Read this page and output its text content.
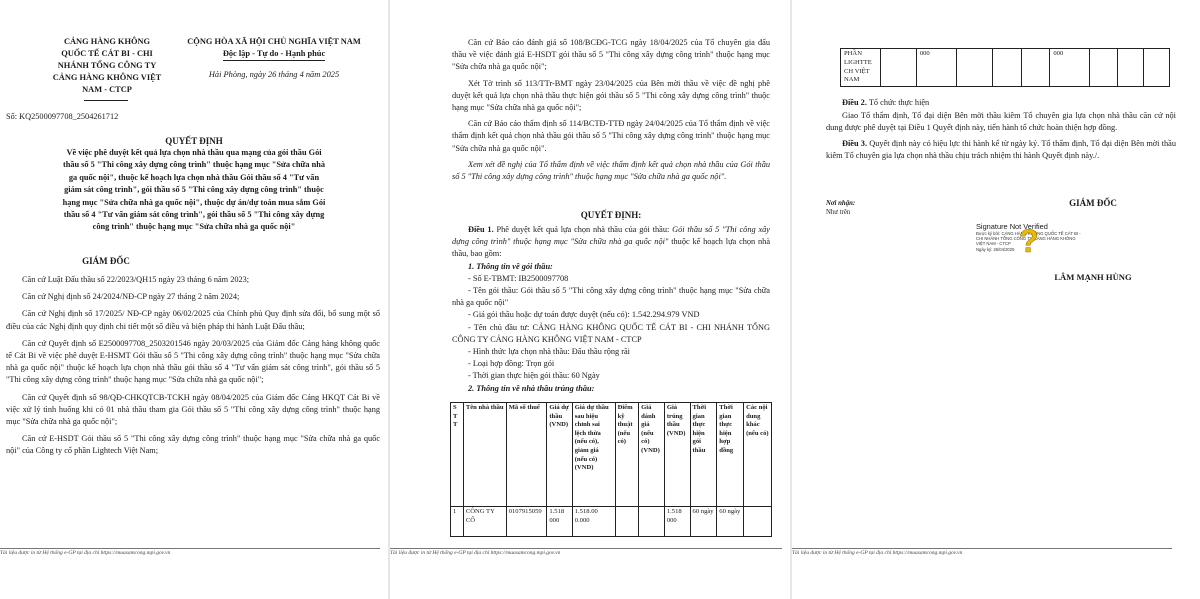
CẢNG HÀNG KHÔNG
QUỐC TẾ CÁT BI - CHI
NHÁNH TỔNG CÔNG TY
CẢNG HÀNG KHÔNG VIỆT
NAM - CTCP
CỘNG HÒA XÃ HỘI CHỦ NGHĨA VIỆT NAM
Độc lập - Tự do - Hạnh phúc
Hải Phòng, ngày 26 tháng 4 năm 2025
Số: KQ2500097708_2504261712
QUYẾT ĐỊNH
Về việc phê duyệt kết quả lựa chọn nhà thầu qua mạng của gói thầu Gói
thầu số 5 "Thi công xây dựng công trình" thuộc hạng mục "Sửa chữa nhà
ga quốc nội", thuộc kế hoạch lựa chọn nhà thầu Gói thầu số 4 "Tư vấn
giám sát công trình", gói thầu số 5 "Thi công xây dựng công trình" thuộc
hạng mục "Sửa chữa nhà ga quốc nội", thuộc dự án/dự toán mua sắm Gói
thầu số 4 "Tư vấn giám sát công trình", gói thầu số 5 "Thi công xây dựng
công trình" thuộc hạng mục "Sửa chữa nhà ga quốc nội"
GIÁM ĐỐC

Căn cứ Luật Đấu thầu số 22/2023/QH15 ngày 23 tháng 6 năm 2023;

Căn cứ Nghị định số 24/2024/NĐ-CP ngày 27 tháng 2 năm 2024;

Căn cứ Nghị định số 17/2025/ NĐ-CP ngày 06/02/2025 của Chính phủ Quy định sửa đổi, bổ sung một số điều của các Nghị định quy định chi tiết một số điều và biện pháp thi hành Luật Đấu thầu;

Căn cứ Quyết định số E2500097708_2503201546 ngày 20/03/2025 của Giám đốc Cảng hàng không quốc tế Cát Bi về việc phê duyệt E-HSMT Gói thầu số 5 "Thi công xây dựng công trình" thuộc hạng mục "Sửa chữa nhà ga quốc nội" thuộc kế hoạch lựa chọn nhà thầu gói thầu số 4 "Tư vấn giám sát công trình", gói thầu số 5 "Thi công xây dựng công trình" thuộc hạng mục "Sửa chữa nhà ga quốc nội";

Căn cứ Quyết định số 98/QĐ-CHKQTCB-TCKH ngày 08/04/2025 của Giám đốc Cảng HKQT Cát Bi về việc xử lý tình huống khi có 01 nhà thầu tham gia Gói thầu số 5 "Thi công xây dựng công trình" thuộc hạng mục "Sửa chữa nhà ga quốc nội";

Căn cứ E-HSDT Gói thầu số 5 "Thi công xây dựng công trình" thuộc hạng mục "Sửa chữa nhà ga quốc nội" của Công ty cổ phần Lightech Việt Nam;

Tài liệu được in từ Hệ thống e-GP tại địa chỉ https://muasamcong.mpi.gov.vn

Căn cứ Báo cáo đánh giá số 108/BCĐG-TCG ngày 18/04/2025 của Tổ chuyên gia đấu thầu về việc đánh giá E-HSDT gói thầu số 5 "Thi công xây dựng công trình" thuộc hạng mục "Sửa chữa nhà ga quốc nội";

Xét Tờ trình số 113/TTr-BMT ngày 23/04/2025 của Bên mời thầu về việc đề nghị phê duyệt kết quả lựa chọn nhà thầu thực hiện gói thầu số 5 "Thi công xây dựng công trình" thuộc hạng mục "Sửa chữa nhà ga quốc nội";

Căn cứ Báo cáo thẩm định số 114/BCTĐ-TTĐ ngày 24/04/2025 của Tổ thẩm định về việc thẩm định kết quả chọn nhà thầu gói thầu số 5 "Thi công xây dựng công trình" thuộc hạng mục "Sửa chữa nhà ga quốc nội".

Xem xét đề nghị của Tổ thẩm định về việc thẩm định kết quả chọn nhà thầu của Gói thầu số 5 "Thi công xây dựng công trình" thuộc hạng mục "Sửa chữa nhà ga quốc nội".

QUYẾT ĐỊNH:

Điều 1. Phê duyệt kết quả lựa chọn nhà thầu của gói thầu: Gói thầu số 5 "Thi công xây dựng công trình" thuộc hạng mục "Sửa chữa nhà ga quốc nội" thuộc kế hoạch lựa chọn nhà thầu, bao gồm:

1. Thông tin về gói thầu:

- Số E-TBMT: IB2500097708

- Tên gói thầu: Gói thầu số 5 "Thi công xây dựng công trình" thuộc hạng mục "Sửa chữa nhà ga quốc nội"

- Giá gói thầu hoặc dự toán được duyệt (nếu có): 1.542.294.979 VND

- Tên chủ đầu tư: CẢNG HÀNG KHÔNG QUỐC TẾ CÁT BI - CHI NHÁNH TỔNG CÔNG TY CẢNG HÀNG KHÔNG VIỆT NAM - CTCP

- Hình thức lựa chọn nhà thầu: Đấu thầu rộng rãi

- Loại hợp đồng: Trọn gói

- Thời gian thực hiện gói thầu: 60 Ngày

2. Thông tin về nhà thầu trúng thầu:

S T T	Tên nhà thầu	Mã số thuế	Giá dự thầu (VND)	Giá dự thầu sau hiệu chỉnh sai lệch thừa (nếu có), giảm giá (nếu có) (VND)	Điểm kỹ thuật (nếu có)	Giá đánh giá (nếu có) (VND)	Giá trúng thầu (VND)	Thời gian thực hiện gói thầu	Thời gian thực hiện hợp đồng	Các nội dung khác (nếu có)
1	CÔNG TY CỔ	0107915059	1.518 000	1.518.00 0.000			1.518 000	60 ngày	60 ngày	
Tài liệu được in từ Hệ thống e-GP tại địa chỉ https://muasamcong.mpi.gov.vn
PHẦN LIGHTTE CH VIỆT NAM		000				000			

Điều 2. Tổ chức thực hiện

Giao Tổ thẩm định, Tổ đại diện Bên mời thầu kiêm Tổ chuyên gia lựa chọn nhà thầu căn cứ nội dung được phê duyệt tại Điều 1 Quyết định này, tiến hành tổ chức hoàn thiện hợp đồng.

Điều 3. Quyết định này có hiệu lực thi hành kể từ ngày ký. Tổ thẩm định, Tổ đại diện Bên mời thầu kiêm Tổ chuyên gia lựa chọn nhà thầu chịu trách nhiệm thi hành Quyết định này./.

Nơi nhận:
Như trên
GIÁM ĐỐC
Signature Not Verified
Được ký bởi: CẢNG HÀNG KHÔNG QUỐC TẾ CÁT BI -
CHI NHÁNH TỔNG CÔNG TY CẢNG HÀNG KHÔNG
VIỆT NAM - CTCP
Ngày ký: 26/04/2025 ?
LÂM MẠNH HÙNG
Tài liệu được in từ Hệ thống e-GP tại địa chỉ https://muasamcong.mpi.gov.vn
